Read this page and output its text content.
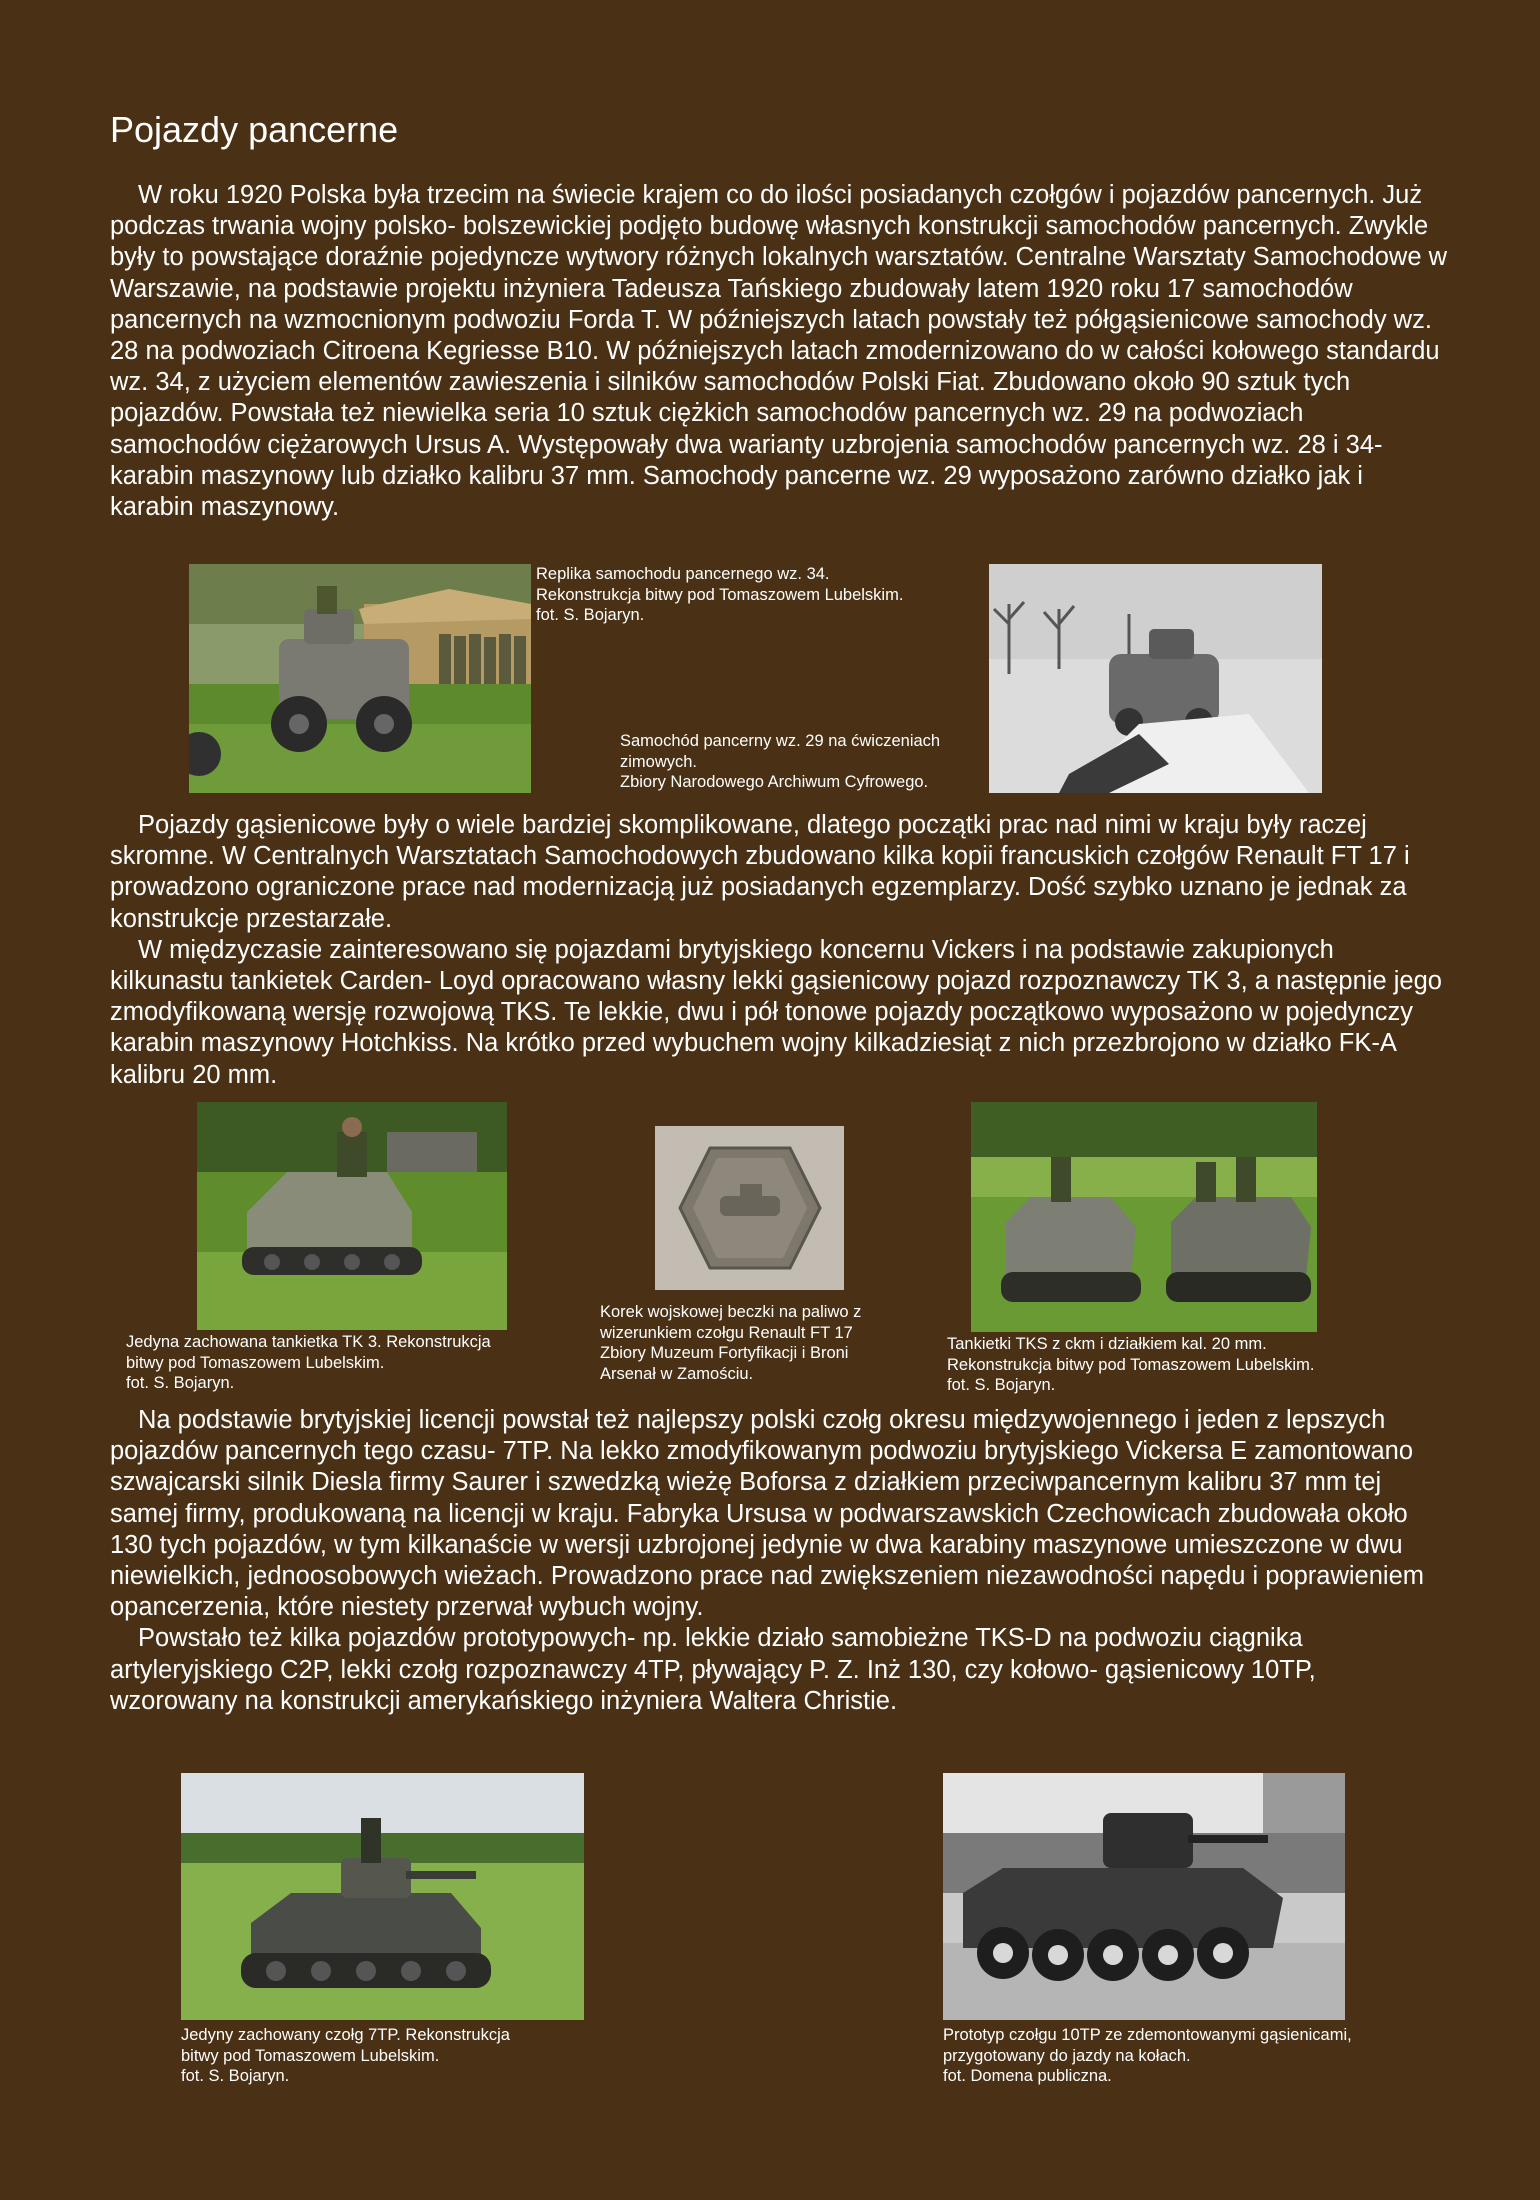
Pojazdy pancerne

W roku 1920 Polska była trzecim na świecie krajem co do ilości posiadanych czołgów i pojazdów pancernych. Już podczas trwania wojny polsko- bolszewickiej podjęto budowę własnych konstrukcji samochodów pancernych. Zwykle były to powstające doraźnie pojedyncze wytwory różnych lokalnych warsztatów. Centralne Warsztaty Samochodowe w Warszawie, na podstawie projektu inżyniera Tadeusza Tańskiego zbudowały latem 1920 roku 17 samochodów pancernych na wzmocnionym podwoziu Forda T. W późniejszych latach powstały też półgąsienicowe samochody wz. 28 na podwoziach Citroena Kegriesse B10. W późniejszych latach zmodernizowano do w całości kołowego standardu wz. 34, z użyciem elementów zawieszenia i silników samochodów Polski Fiat. Zbudowano około 90 sztuk tych pojazdów. Powstała też niewielka seria 10 sztuk ciężkich samochodów pancernych wz. 29 na podwoziach samochodów ciężarowych Ursus A. Występowały dwa warianty uzbrojenia samochodów pancernych wz. 28 i 34- karabin maszynowy lub działko kalibru 37 mm. Samochody pancerne wz. 29 wyposażono zarówno działko jak i karabin maszynowy.

Replika samochodu pancernego wz. 34.
Rekonstrukcja bitwy pod Tomaszowem Lubelskim.
fot. S. Bojaryn.
Samochód pancerny wz. 29 na ćwiczeniach
zimowych.
Zbiory Narodowego Archiwum Cyfrowego.

Pojazdy gąsienicowe były o wiele bardziej skomplikowane, dlatego początki prac nad nimi w kraju były raczej skromne. W Centralnych Warsztatach Samochodowych zbudowano kilka kopii francuskich czołgów Renault FT 17 i prowadzono ograniczone prace nad modernizacją już posiadanych egzemplarzy. Dość szybko uznano je jednak za konstrukcje przestarzałe.

W międzyczasie zainteresowano się pojazdami brytyjskiego koncernu Vickers i na podstawie zakupionych kilkunastu tankietek Carden- Loyd opracowano własny lekki gąsienicowy pojazd rozpoznawczy TK 3, a następnie jego zmodyfikowaną wersję rozwojową TKS. Te lekkie, dwu i pół tonowe pojazdy początkowo wyposażono w pojedynczy karabin maszynowy Hotchkiss. Na krótko przed wybuchem wojny kilkadziesiąt z nich przezbrojono w działko FK-A kalibru 20 mm.

Jedyna zachowana tankietka TK 3. Rekonstrukcja
bitwy pod Tomaszowem Lubelskim.
fot. S. Bojaryn.
Korek wojskowej beczki na paliwo z
wizerunkiem czołgu Renault FT 17
Zbiory Muzeum Fortyfikacji i Broni
Arsenał w Zamościu.
Tankietki TKS z ckm i działkiem kal. 20 mm.
Rekonstrukcja bitwy pod Tomaszowem Lubelskim.
fot. S. Bojaryn.

Na podstawie brytyjskiej licencji powstał też najlepszy polski czołg okresu międzywojennego i jeden z lepszych pojazdów pancernych tego czasu- 7TP. Na lekko zmodyfikowanym podwoziu brytyjskiego Vickersa E zamontowano szwajcarski silnik Diesla firmy Saurer i szwedzką wieżę Boforsa z działkiem przeciwpancernym kalibru 37 mm tej samej firmy, produkowaną na licencji w kraju. Fabryka Ursusa w podwarszawskich Czechowicach zbudowała około 130 tych pojazdów, w tym kilkanaście w wersji uzbrojonej jedynie w dwa karabiny maszynowe umieszczone w dwu niewielkich, jednoosobowych wieżach. Prowadzono prace nad zwiększeniem niezawodności napędu i poprawieniem opancerzenia, które niestety przerwał wybuch wojny.

Powstało też kilka pojazdów prototypowych- np. lekkie działo samobieżne TKS-D na podwoziu ciągnika artyleryjskiego C2P, lekki czołg rozpoznawczy 4TP, pływający P. Z. Inż 130, czy kołowo- gąsienicowy 10TP, wzorowany na konstrukcji amerykańskiego inżyniera Waltera Christie.

Jedyny zachowany czołg 7TP. Rekonstrukcja
bitwy pod Tomaszowem Lubelskim.
fot. S. Bojaryn.
Prototyp czołgu 10TP ze zdemontowanymi gąsienicami,
przygotowany do jazdy na kołach.
fot. Domena publiczna.
